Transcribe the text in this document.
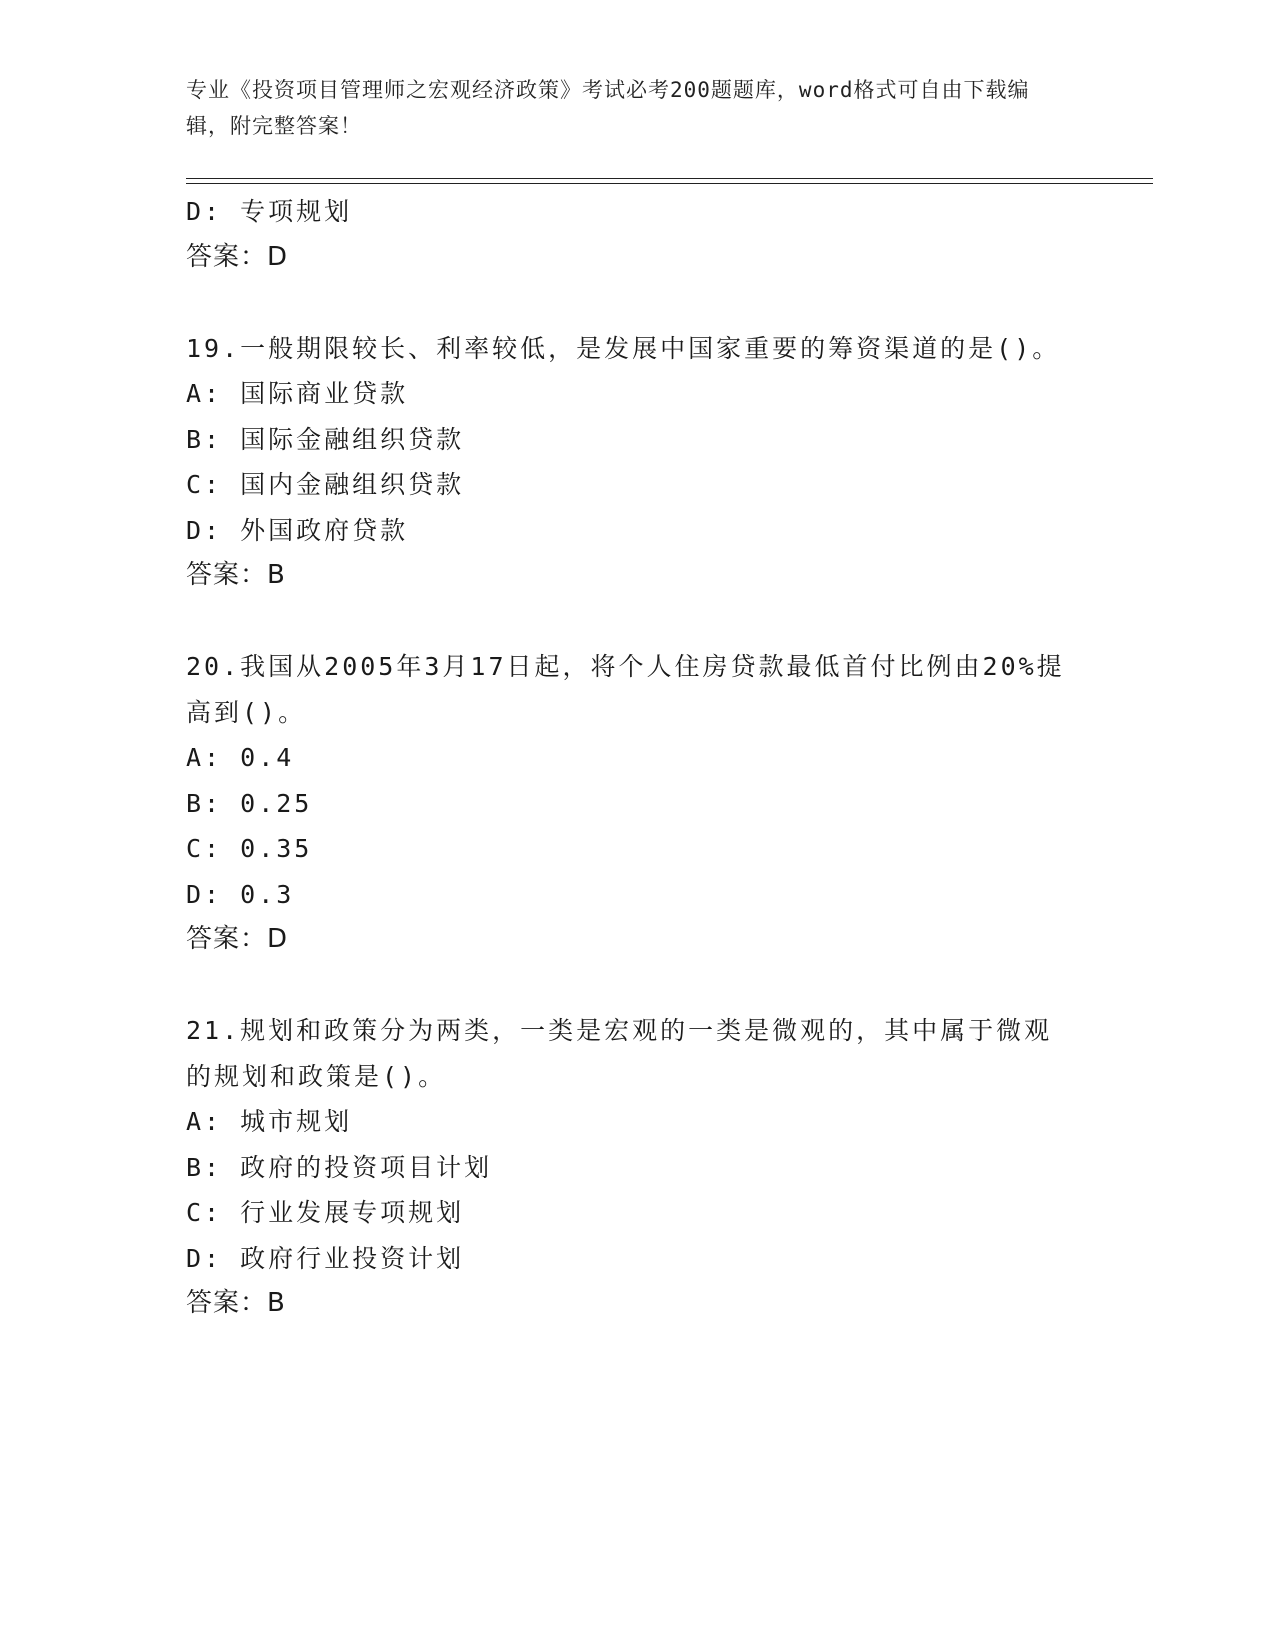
专业《投资项目管理师之宏观经济政策》考试必考200题题库，word格式可自由下载编辑，附完整答案！
D: 专项规划
答案：D
19.一般期限较长、利率较低，是发展中国家重要的筹资渠道的是()。
A: 国际商业贷款
B: 国际金融组织贷款
C: 国内金融组织贷款
D: 外国政府贷款
答案：B
20.我国从2005年3月17日起，将个人住房贷款最低首付比例由20%提高到()。
A: 0.4
B: 0.25
C: 0.35
D: 0.3
答案：D
21.规划和政策分为两类，一类是宏观的一类是微观的，其中属于微观的规划和政策是()。
A: 城市规划
B: 政府的投资项目计划
C: 行业发展专项规划
D: 政府行业投资计划
答案：B
